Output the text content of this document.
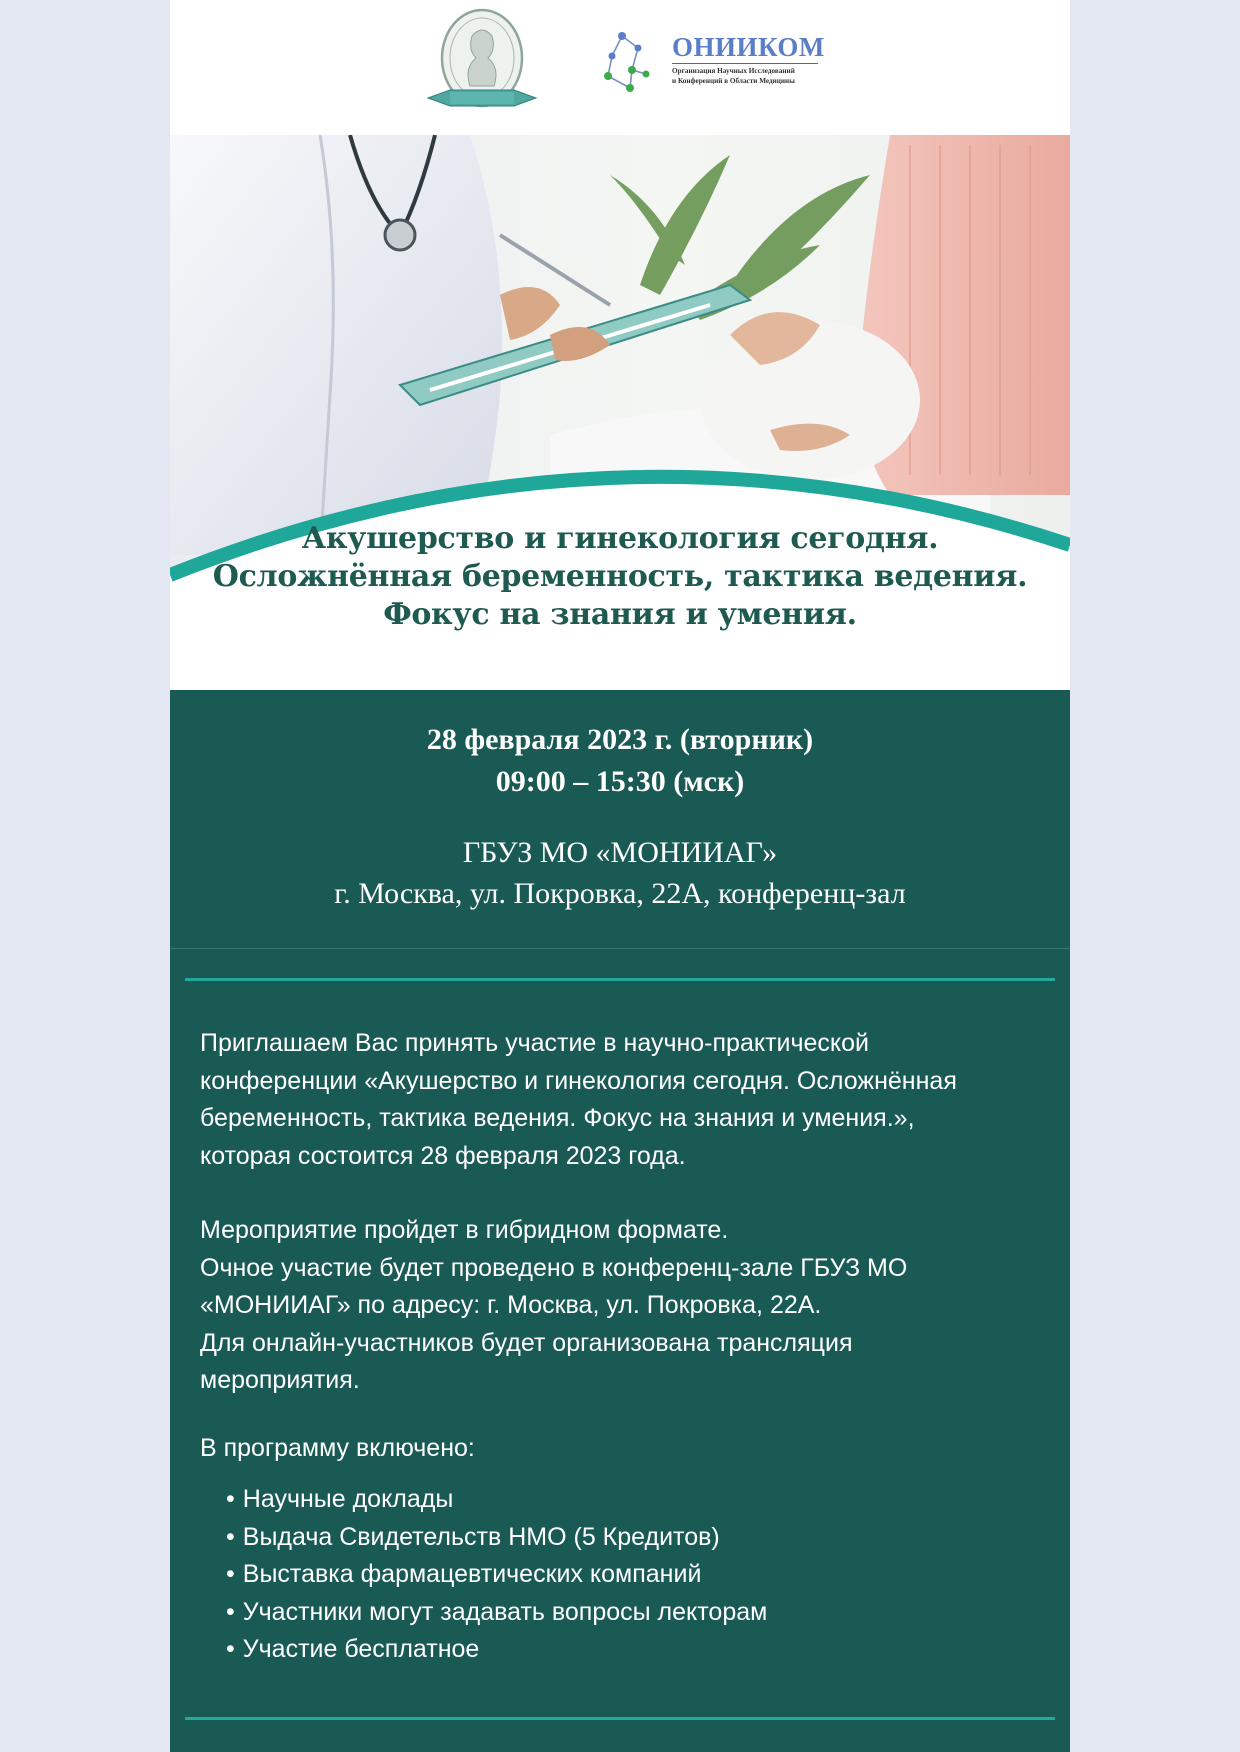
ОНИИКОМ
Организация Научных Исследований
и Конференций в Области Медицины
Акушерство и гинекология сегодня.
Осложнённая беременность, тактика ведения.
Фокус на знания и умения.
28 февраля 2023 г. (вторник)
09:00 – 15:30 (мск)
ГБУЗ МО «МОНИИАГ»
г. Москва, ул. Покровка, 22А, конференц-зал

Приглашаем Вас принять участие в научно-практической

конференции «Акушерство и гинекология сегодня. Осложнённая

беременность, тактика ведения. Фокус на знания и умения.»,

которая состоится 28 февраля 2023 года.

Мероприятие пройдет в гибридном формате.

Очное участие будет проведено в конференц-зале ГБУЗ МО

«МОНИИАГ» по адресу: г. Москва, ул. Покровка, 22А.

Для онлайн-участников будет организована трансляция

мероприятия.

В программу включено:

• Научные доклады
• Выдача Свидетельств НМО (5 Кредитов)
• Выставка фармацевтических компаний
• Участники могут задавать вопросы лекторам
• Участие бесплатное
